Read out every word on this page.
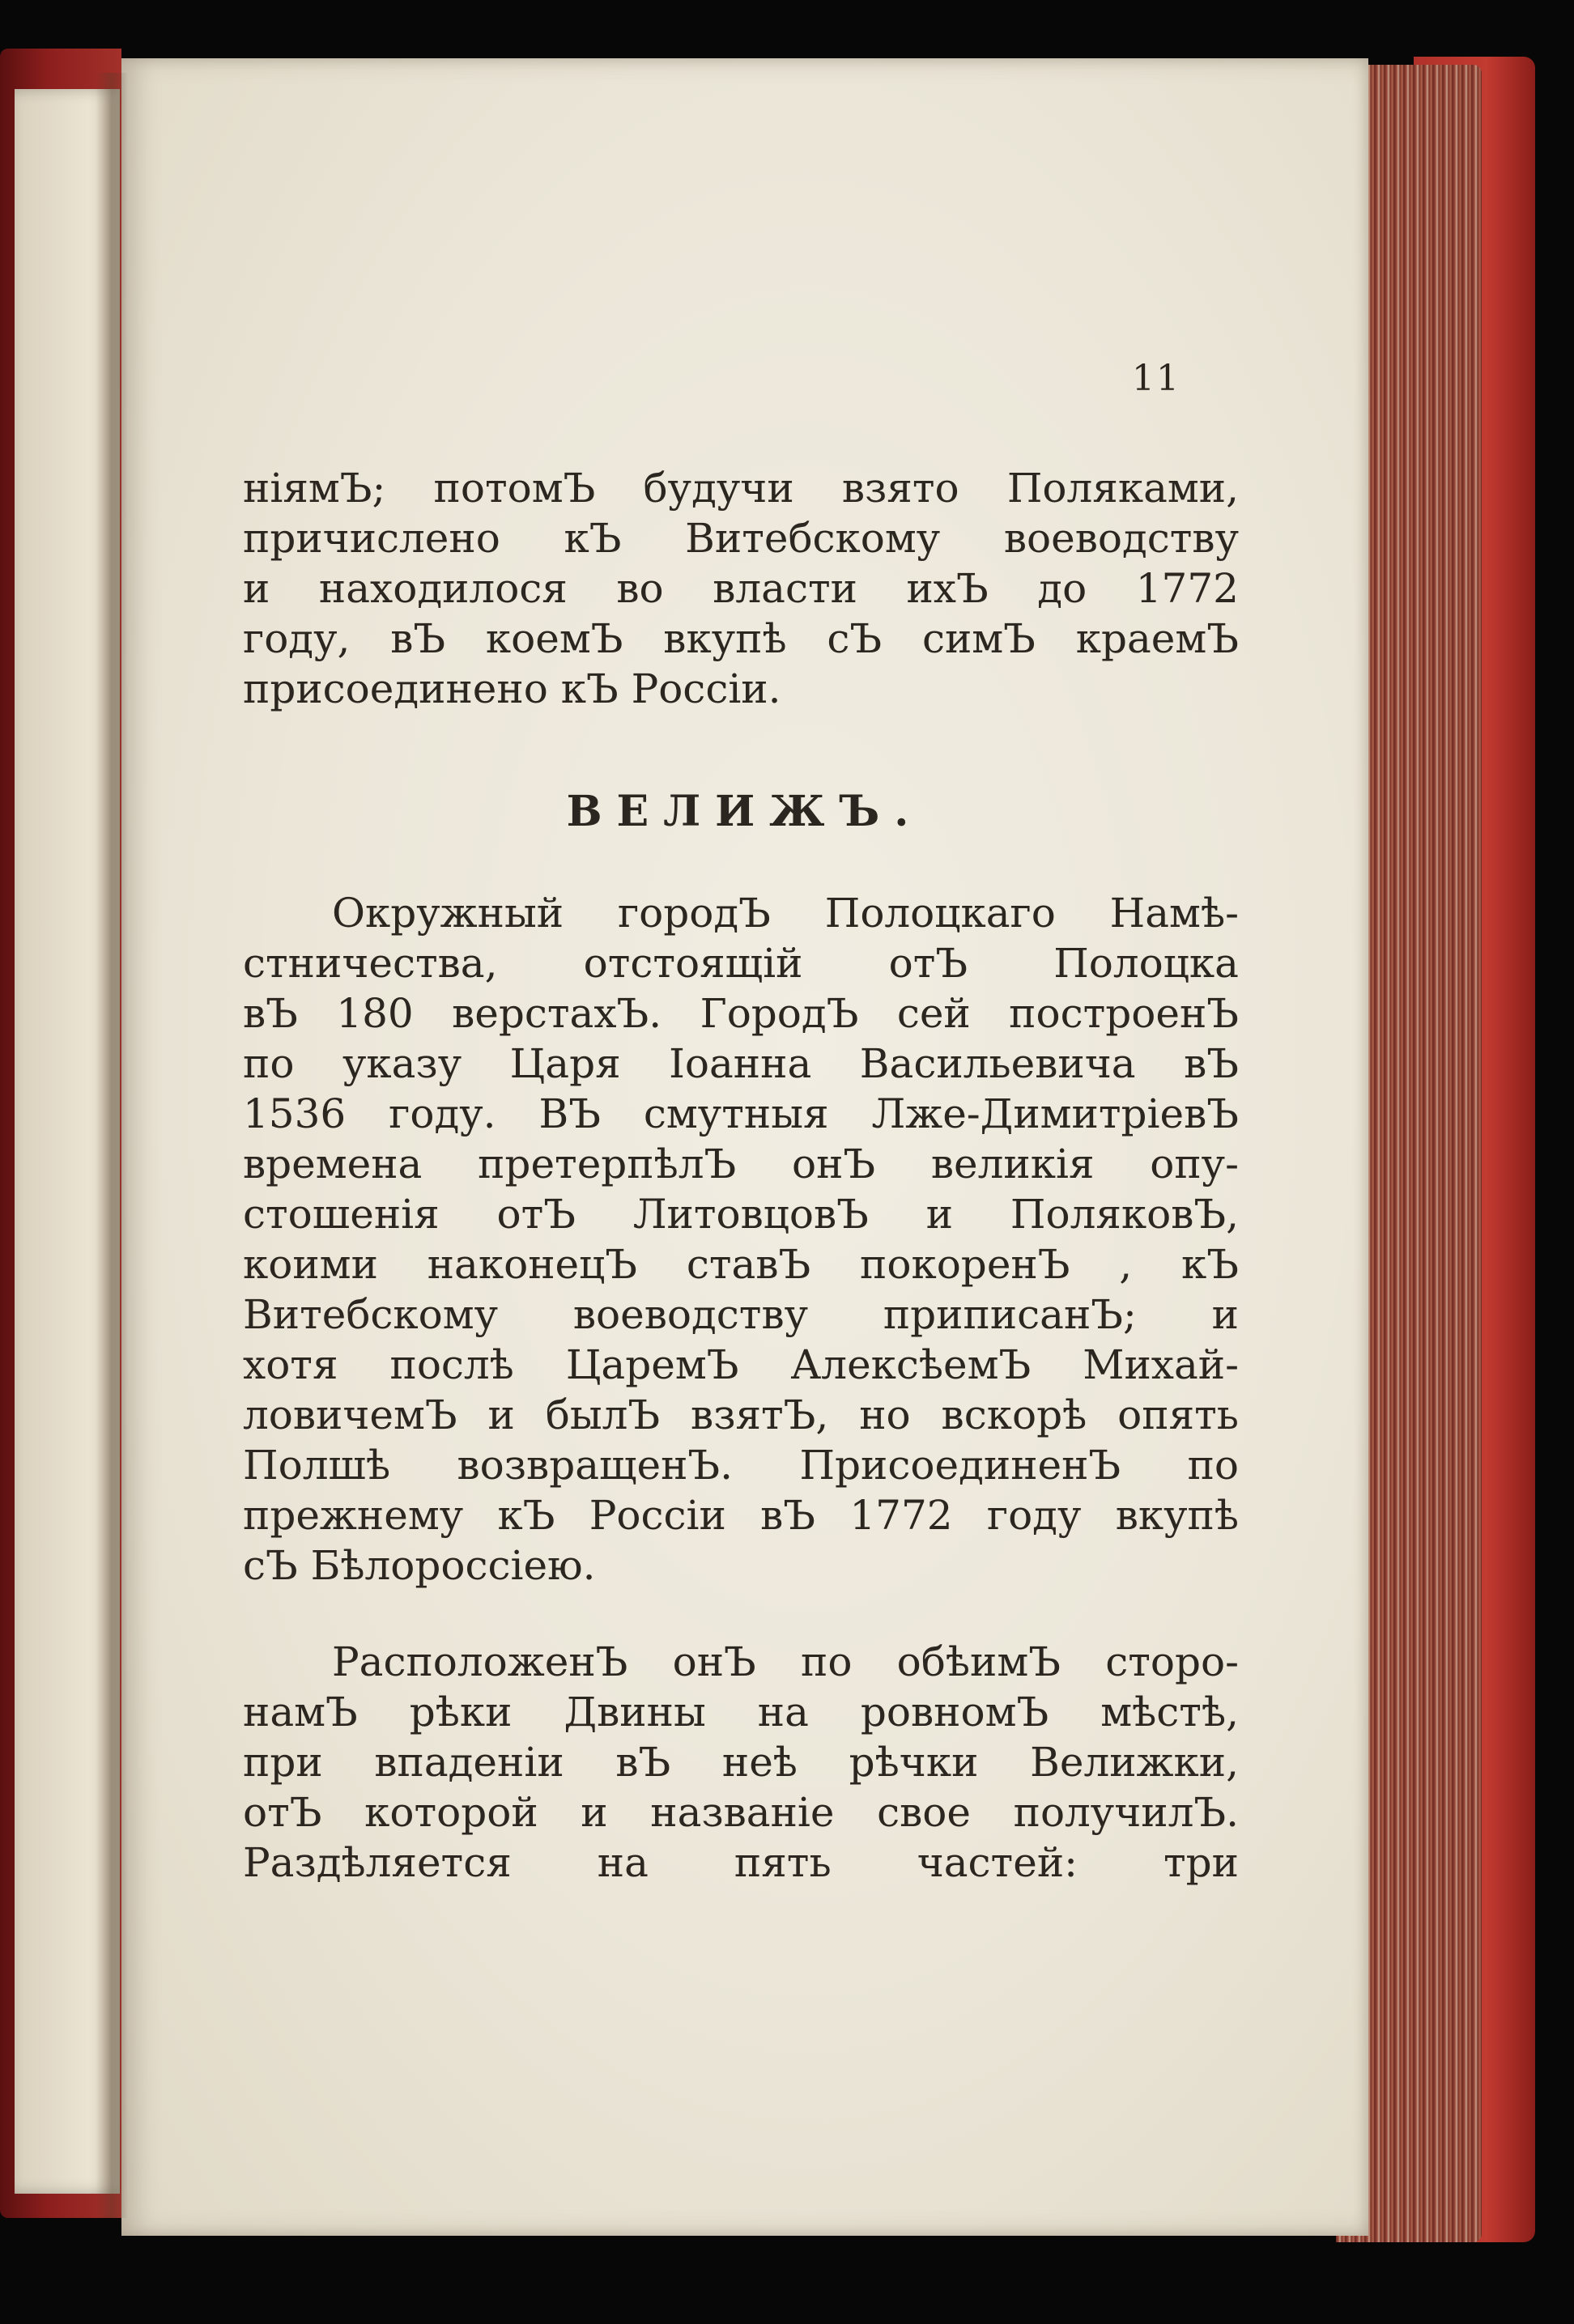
11
нiямЪ; потомЪ будучи взято Поляками,
причислено кЪ Витебскому воеводству
и находилося во власти ихЪ до 1772
году, вЪ коемЪ вкупѣ сЪ симЪ краемЪ
присоединено кЪ Россiи.
ВЕЛИЖЪ.
Окружный городЪ Полоцкаго Намѣ-
стничества, отстоящiй отЪ Полоцка
вЪ 180 верстахЪ. ГородЪ сей построенЪ
по указу Царя Iоанна Васильевича вЪ
1536 году. ВЪ смутныя Лже-ДимитрiевЪ
времена претерпѣлЪ онЪ великiя опу-
стошенiя отЪ ЛитовцовЪ и ПоляковЪ,
коими наконецЪ ставЪ покоренЪ , кЪ
Витебскому воеводству приписанЪ; и
хотя послѣ ЦаремЪ АлексѣемЪ Михай-
ловичемЪ и былЪ взятЪ, но вскорѣ опять
Полшѣ возвращенЪ. ПрисоединенЪ по
прежнему кЪ Россiи вЪ 1772 году вкупѣ
сЪ Бѣлороссiею.
РасположенЪ онЪ по обѣимЪ сторо-
намЪ рѣки Двины на ровномЪ мѣстѣ,
при впаденiи вЪ неѣ рѣчки Велижки,
отЪ которой и названiе свое получилЪ.
Раздѣляется на пять частей: три
